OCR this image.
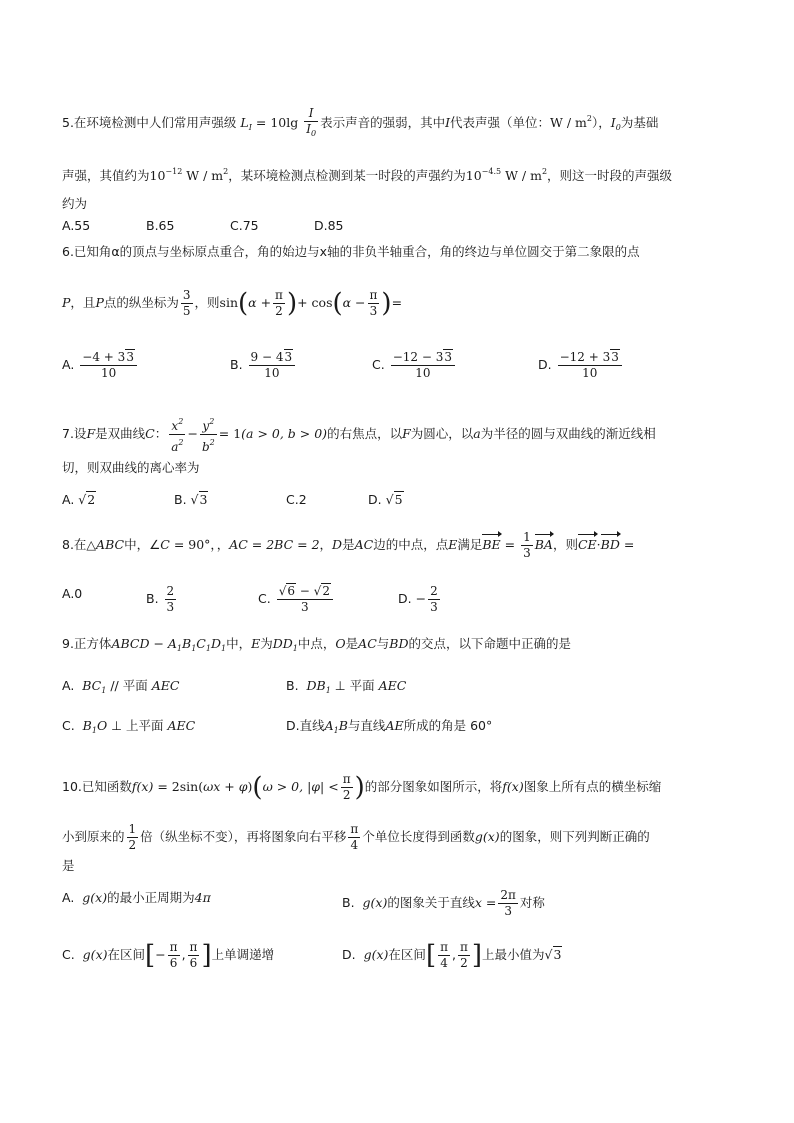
5.在环境检测中人们常用声强级 $L_I = 10\lg \frac{I}{I_0}$ 表示声音的强弱，其中I代表声强（单位：W / $m^2$），$I_0$为基础
声强，其值约为$10^{-12}$ W / $m^2$，某环境检测点检测到某一时段的声强约为$10^{-4.5}$ W / $m^2$，则这一时段的声强级
约为
A.55	B.65	C.75	D.85
6.已知角α的顶点与坐标原点重合，角的始边与x轴的非负半轴重合，角的终边与单位圆交于第二象限的点
P，且P点的纵坐标为 $\frac{3}{5}$ ，则$\sin(\alpha + \frac{\pi}{2}$ )+ $\cos(\alpha - \frac{\pi}{3}$ )=
A. $\frac{-4 + 33}{10}$	B. $\frac{9 - 43}{10}$	C. $\frac{-12 - 33}{10}$	D. $\frac{-12 + 33}{10}$
7.设F是双曲线C： $\frac{x^2}{a^2} - \frac{y^2}{b^2} = 1(a > 0$, b > 0)的右焦点，以F为圆心，以a为半径的圆与双曲线的渐近线相
切，则双曲线的离心率为
A. √2	B. √3	C.2	D. √5
8.在△ABC中，∠C = 90°，，AC = 2BC = 2，D是AC边的中点，点E满足BE = $\frac{1}{3}$ BA，则CE·BD =
A.0	B. $\frac{2}{3}$	C. $\frac{√6 - √2}{3}$	D. − $\frac{2}{3}$
9.正方体ABCD − $A_1B_1C_1D_1$中，E为$DD_1$中点，O是AC与BD的交点，以下命题中正确的是
A. $BC_1$ // 平面 AEC	B. $DB_1$ ⊥ 平面 AEC
C. $B_1O$ ⊥ 上平面 AEC	D.直线$A_1B$与直线AE所成的角是 60°
10.已知函数f(x) = 2sin(ωx + φ)(ω > 0, $|\varphi| < \frac{\pi}{2}$ )的部分图象如图所示，将f(x)图象上所有点的横坐标缩
小到原来的 $\frac{1}{2}$ 倍（纵坐标不变），再将图象向右平移 $\frac{\pi}{4}$ 个单位长度得到函数g(x)的图象，则下列判断正确的
是
A. g(x)的最小正周期为4π	B. g(x)的图象关于直线$x = \frac{2\pi}{3}$ 对称
C. g(x)在区间[− $\frac{\pi}{6}$ , $\frac{\pi}{6}$ ]上单调递增	D. g(x)在区间[ $\frac{\pi}{4}$ , $\frac{\pi}{2}$ ]上最小值为√3
